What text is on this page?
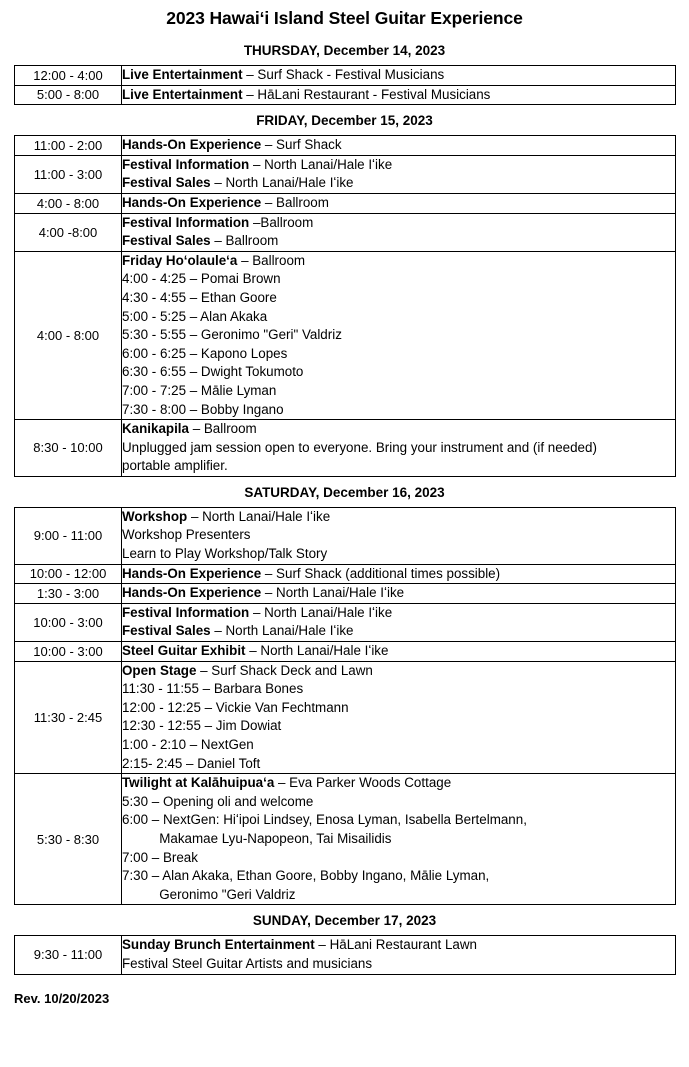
2023 Hawaiʻi Island Steel Guitar Experience
THURSDAY, December 14, 2023
12:00 - 4:00	Live Entertainment – Surf Shack - Festival Musicians

5:00 - 8:00	Live Entertainment – HāLani Restaurant - Festival Musicians
FRIDAY, December 15, 2023
11:00 - 2:00	Hands-On Experience – Surf Shack

11:00 - 3:00	Festival Information – North Lanai/Hale Iʻike
Festival Sales – North Lanai/Hale Iʻike

4:00 - 8:00	Hands-On Experience – Ballroom

4:00 -8:00	Festival Information –Ballroom
Festival Sales – Ballroom

4:00 - 8:00	
Friday Hoʻolauleʻa – Ballroom
4:00 - 4:25 – Pomai Brown
4:30 - 4:55 – Ethan Goore
5:00 - 5:25 – Alan Akaka
5:30 - 5:55 – Geronimo "Geri" Valdriz
6:00 - 6:25 – Kapono Lopes
6:30 - 6:55 – Dwight Tokumoto
7:00 - 7:25 – Mālie Lyman
7:30 - 8:00 – Bobby Ingano

8:30 - 10:00	Kanikapila – Ballroom
Unplugged jam session open to everyone. Bring your instrument and (if needed)
portable amplifier.
SATURDAY, December 16, 2023
9:00 - 11:00	Workshop – North Lanai/Hale Iʻike
Workshop Presenters
Learn to Play Workshop/Talk Story

10:00 - 12:00	Hands-On Experience – Surf Shack (additional times possible)

1:30 - 3:00	Hands-On Experience – North Lanai/Hale Iʻike

10:00 - 3:00	Festival Information – North Lanai/Hale Iʻike
Festival Sales – North Lanai/Hale Iʻike

10:00 - 3:00	Steel Guitar Exhibit – North Lanai/Hale Iʻike

11:30 - 2:45	
Open Stage – Surf Shack Deck and Lawn
11:30 - 11:55 – Barbara Bones
12:00 - 12:25 – Vickie Van Fechtmann
12:30 - 12:55 – Jim Dowiat
1:00 - 2:10 – NextGen
2:15- 2:45 – Daniel Toft

5:30 - 8:30	
Twilight at Kalāhuipuaʻa – Eva Parker Woods Cottage
5:30 – Opening oli and welcome
6:00 – NextGen: Hiʻipoi Lindsey, Enosa Lyman, Isabella Bertelmann,
Makamae Lyu-Napopeon, Tai Misailidis
7:00 – Break
7:30 – Alan Akaka, Ethan Goore, Bobby Ingano, Mālie Lyman,
Geronimo "Geri Valdriz
SUNDAY, December 17, 2023
9:30 - 11:00	
Sunday Brunch Entertainment – HāLani Restaurant Lawn
Festival Steel Guitar Artists and musicians
Rev. 10/20/2023
